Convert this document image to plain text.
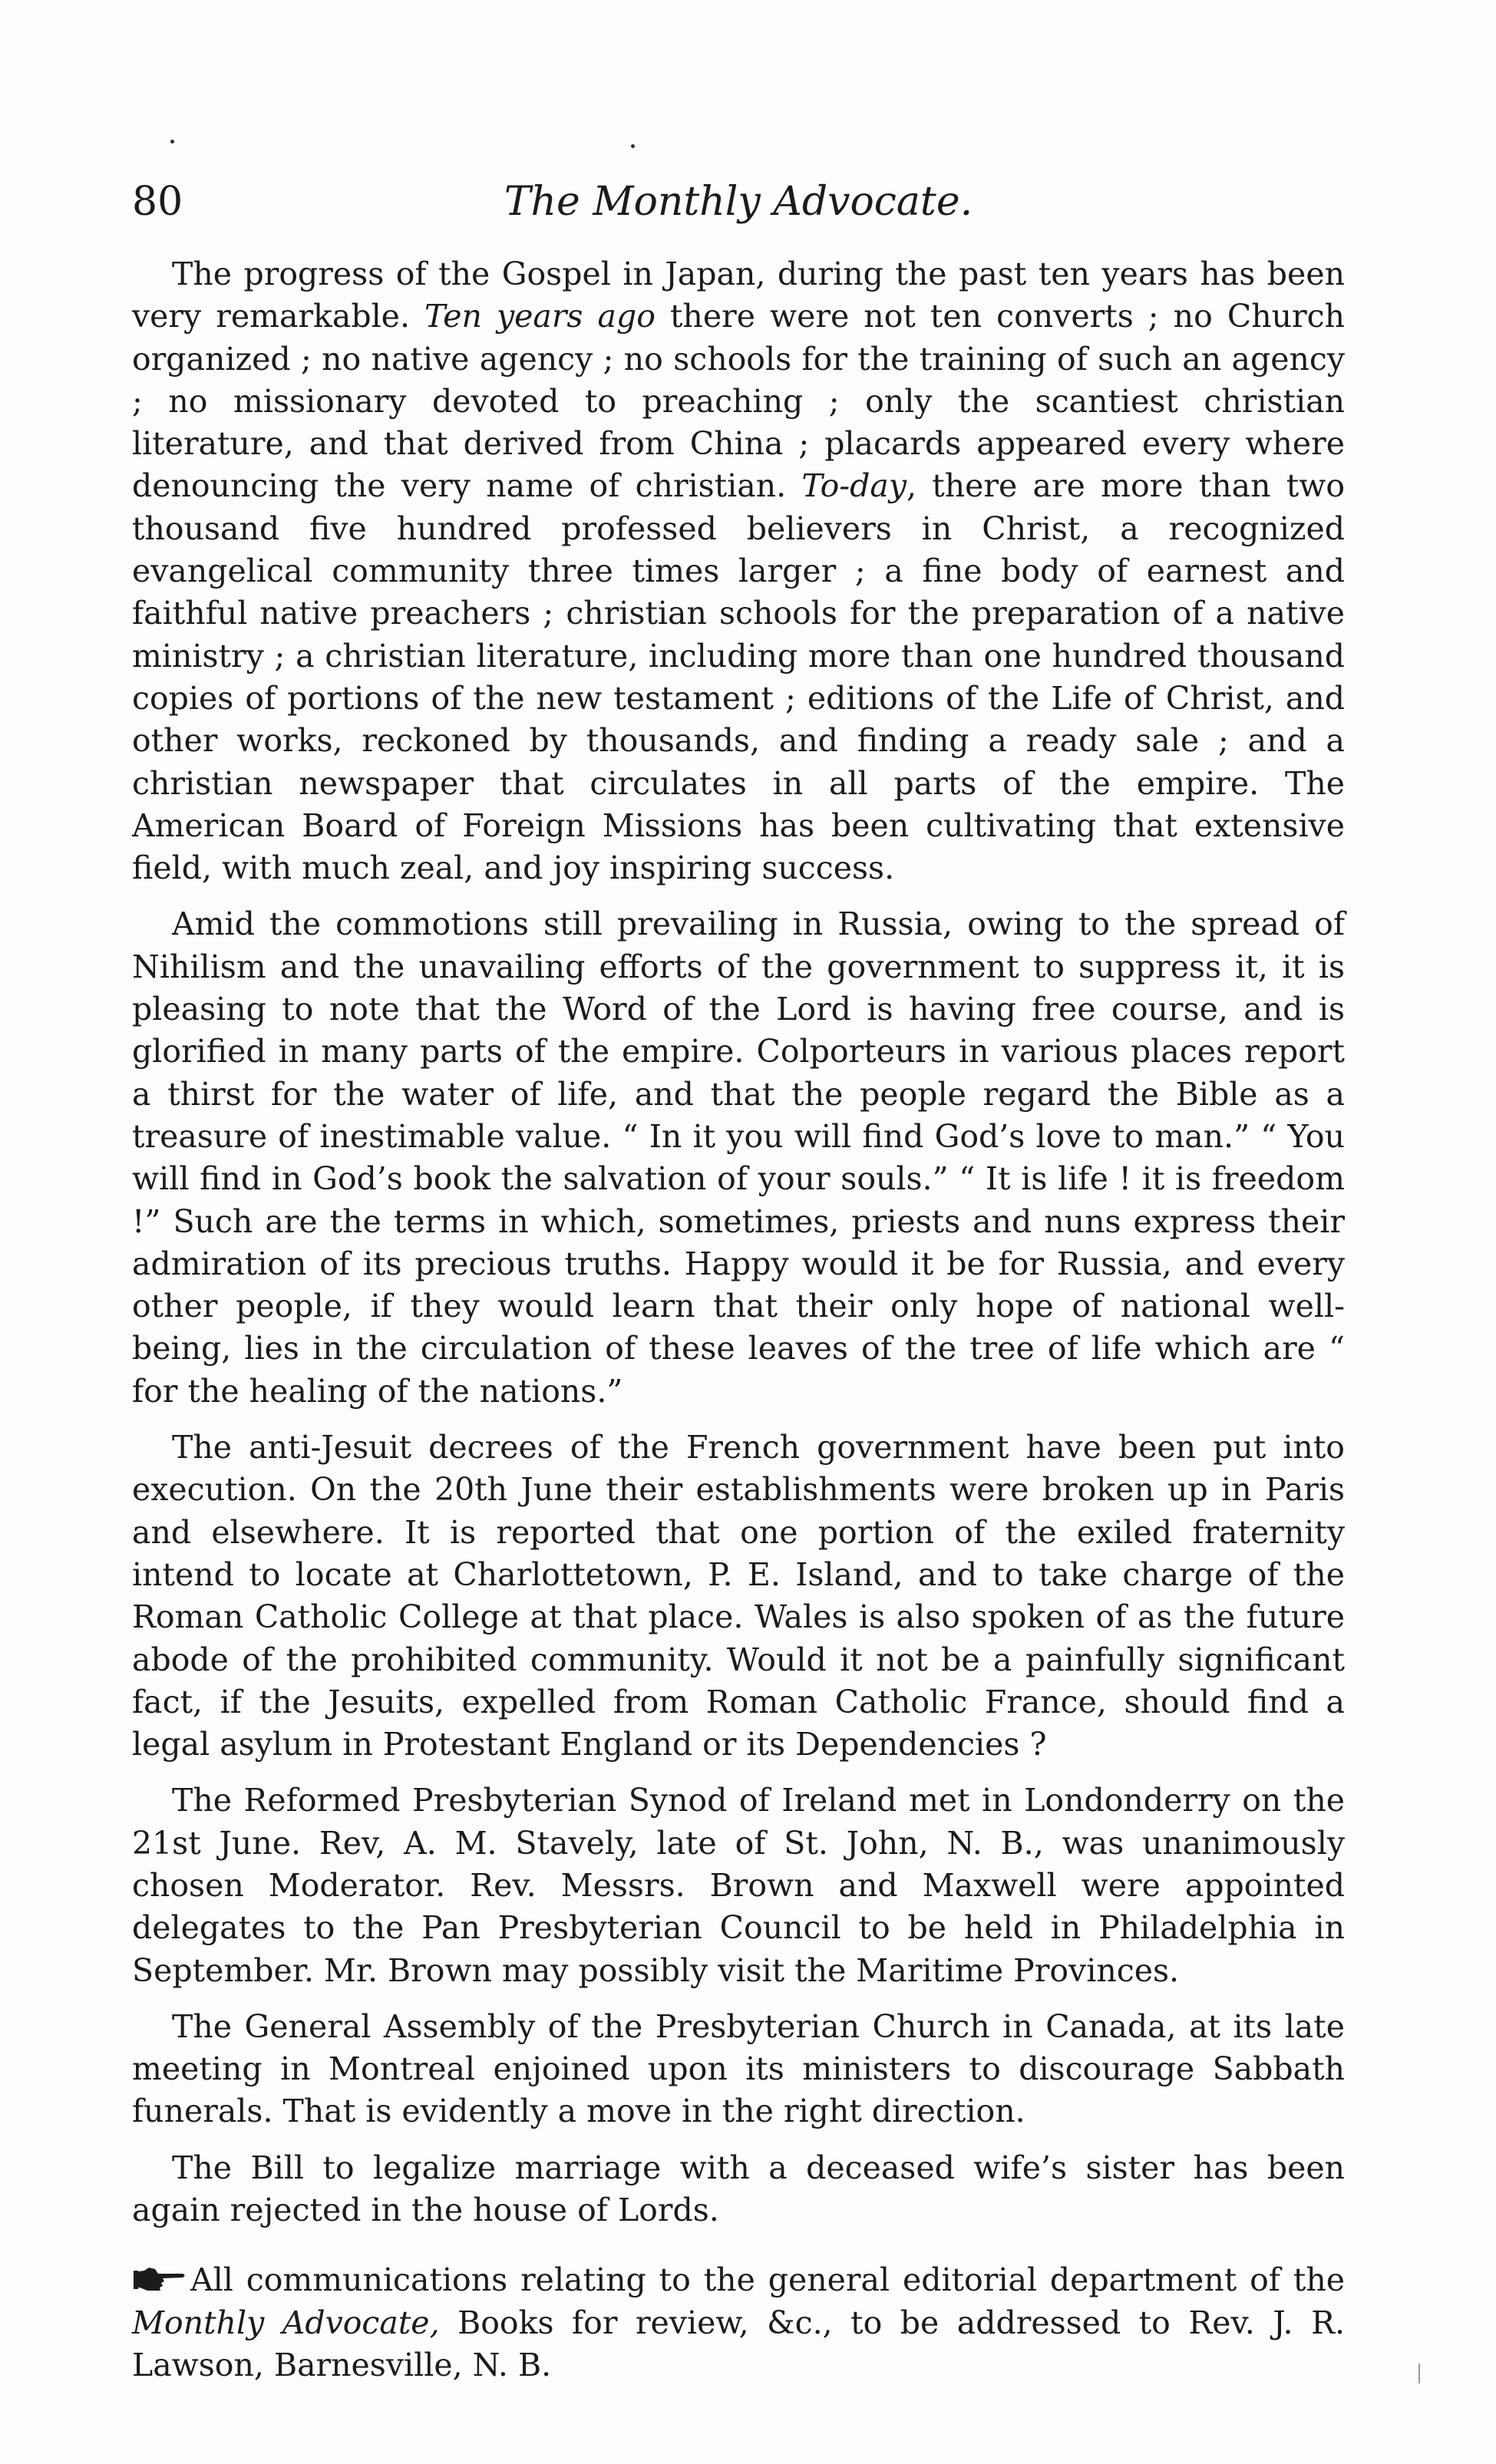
80	The Monthly Advocate.

The progress of the Gospel in Japan, during the past ten years has been very remarkable. Ten years ago there were not ten converts ; no Church organized ; no native agency ; no schools for the training of such an agency ; no missionary devoted to preaching ; only the scantiest christian literature, and that derived from China ; placards appeared every where denouncing the very name of christian. To-day, there are more than two thousand five hundred professed believers in Christ, a recognized evangelical community three times larger ; a fine body of earnest and faithful native preachers ; christian schools for the preparation of a native ministry ; a christian literature, including more than one hundred thousand copies of portions of the new testament ; editions of the Life of Christ, and other works, reckoned by thousands, and finding a ready sale ; and a christian newspaper that circulates in all parts of the empire. The American Board of Foreign Missions has been cultivating that extensive field, with much zeal, and joy inspiring success.

Amid the commotions still prevailing in Russia, owing to the spread of Nihilism and the unavailing efforts of the government to suppress it, it is pleasing to note that the Word of the Lord is having free course, and is glorified in many parts of the empire. Colporteurs in various places report a thirst for the water of life, and that the people regard the Bible as a treasure of inestimable value. “ In it you will find God’s love to man.” “ You will find in God’s book the salvation of your souls.” “ It is life ! it is freedom !” Such are the terms in which, sometimes, priests and nuns express their admiration of its precious truths. Happy would it be for Russia, and every other people, if they would learn that their only hope of national well-being, lies in the circulation of these leaves of the tree of life which are “ for the healing of the nations.”

The anti-Jesuit decrees of the French government have been put into execution. On the 20th June their establishments were broken up in Paris and elsewhere. It is reported that one portion of the exiled fraternity intend to locate at Charlottetown, P. E. Island, and to take charge of the Roman Catholic College at that place. Wales is also spoken of as the future abode of the prohibited community. Would it not be a painfully significant fact, if the Jesuits, expelled from Roman Catholic France, should find a legal asylum in Protestant England or its Dependencies ?

The Reformed Presbyterian Synod of Ireland met in Londonderry on the 21st June. Rev, A. M. Stavely, late of St. John, N. B., was unanimously chosen Moderator. Rev. Messrs. Brown and Maxwell were appointed delegates to the Pan Presbyterian Council to be held in Philadelphia in September. Mr. Brown may possibly visit the Maritime Provinces.

The General Assembly of the Presbyterian Church in Canada, at its late meeting in Montreal enjoined upon its ministers to discourage Sabbath funerals. That is evidently a move in the right direction.

The Bill to legalize marriage with a deceased wife’s sister has been again rejected in the house of Lords.

All communications relating to the general editorial department of the Monthly Advocate, Books for review, &c., to be addressed to Rev. J. R. Lawson, Barnesville, N. B.
